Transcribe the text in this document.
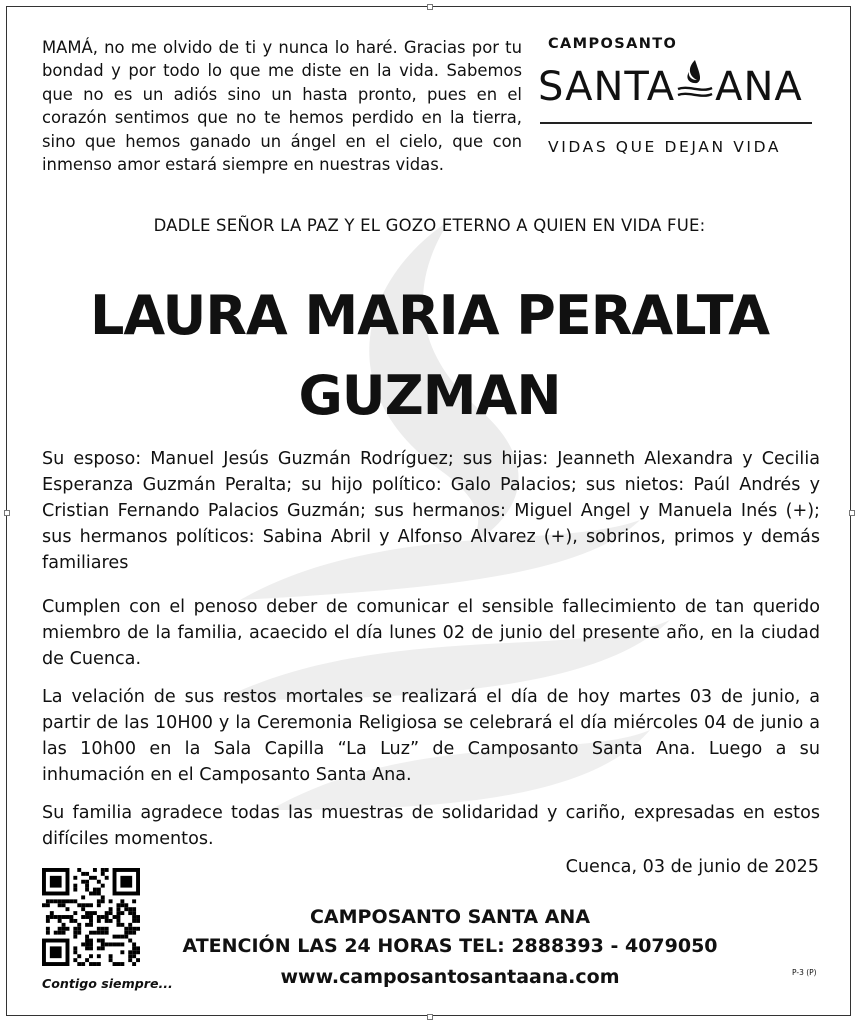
MAMÁ, no me olvido de ti y nunca lo haré. Gracias por tu bondad y por todo lo que me diste en la vida. Sabemos que no es un adiós sino un hasta pronto, pues en el corazón sentimos que no te hemos perdido en la tierra, sino que hemos ganado un ángel en el cielo, que con inmenso amor estará siempre en nuestras vidas.
CAMPOSANTO
SANTA ANA
VIDAS QUE DEJAN VIDA
DADLE SEÑOR LA PAZ Y EL GOZO ETERNO A QUIEN EN VIDA FUE:
LAURA MARIA PERALTA
GUZMAN
Su esposo: Manuel Jesús Guzmán Rodríguez; sus hijas: Jeanneth Alexandra y Cecilia Esperanza Guzmán Peralta; su hijo político: Galo Palacios; sus nietos: Paúl Andrés y Cristian Fernando Palacios Guzmán; sus hermanos: Miguel Angel y Manuela Inés (+); sus hermanos políticos: Sabina Abril y Alfonso Alvarez (+), sobrinos, primos y demás familiares
Cumplen con el penoso deber de comunicar el sensible fallecimiento de tan querido miembro de la familia, acaecido el día lunes 02 de junio del presente año, en la ciudad de Cuenca.
La velación de sus restos mortales se realizará el día de hoy martes 03 de junio, a partir de las 10H00 y la Ceremonia Religiosa se celebrará el día miércoles 04 de junio a las 10h00 en la Sala Capilla “La Luz” de Camposanto Santa Ana. Luego a su inhumación en el Camposanto Santa Ana.
Su familia agradece todas las muestras de solidaridad y cariño, expresadas en estos difíciles momentos.
Cuenca, 03 de junio de 2025
Contigo siempre...
CAMPOSANTO SANTA ANA
ATENCIÓN LAS 24 HORAS TEL: 2888393 - 4079050
www.camposantosantaana.com	P-3 (P)
